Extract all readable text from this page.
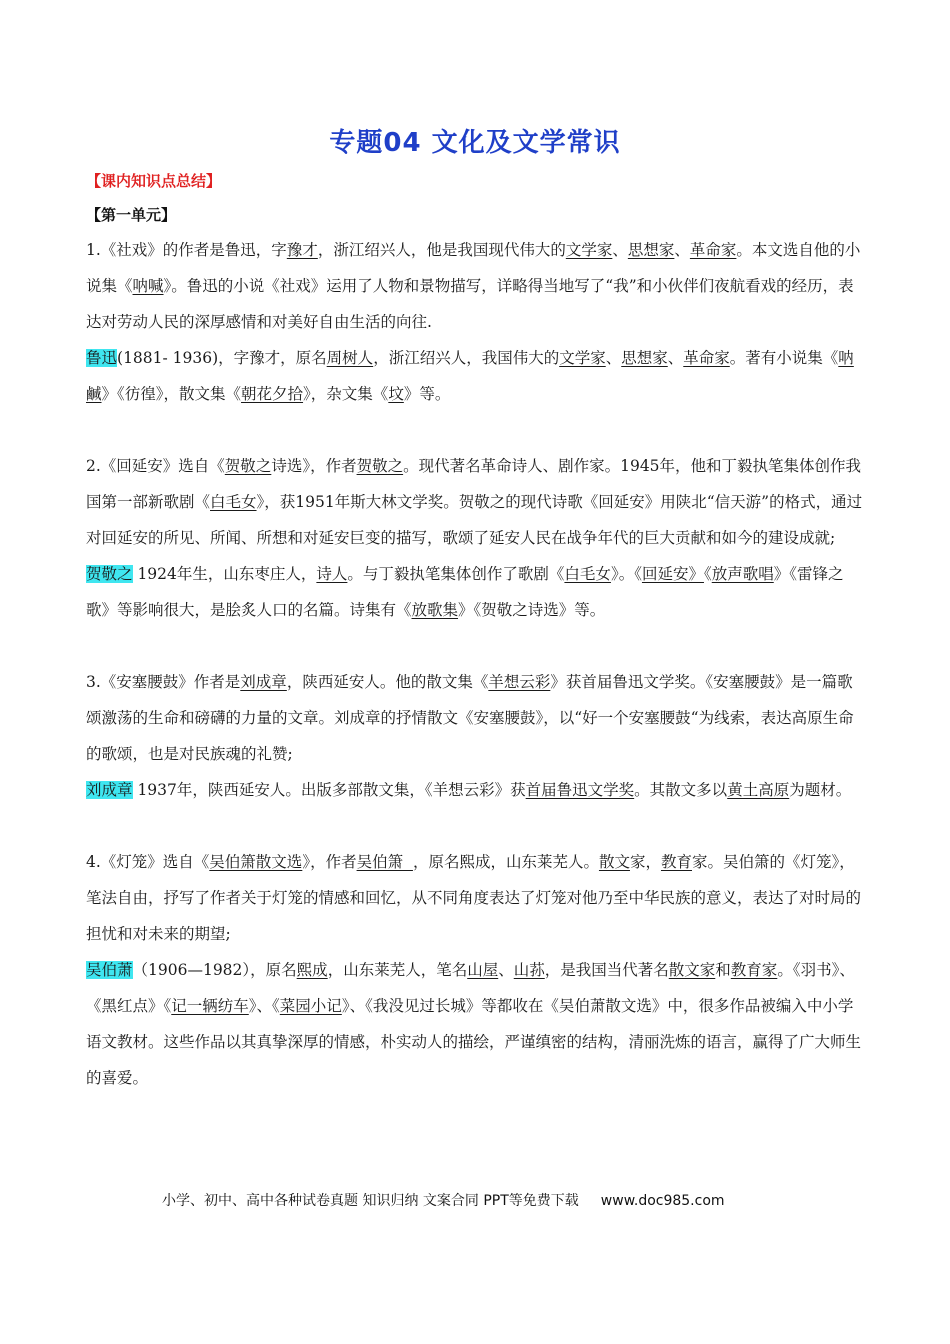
专题04 文化及文学常识
【课内知识点总结】
【第一单元】

1.《社戏》的作者是鲁迅，字豫才，浙江绍兴人，他是我国现代伟大的文学家、思想家、革命家。本文选自他的小说集《呐喊》。鲁迅的小说《社戏》运用了人物和景物描写，详略得当地写了“我”和小伙伴们夜航看戏的经历，表达对劳动人民的深厚感情和对美好自由生活的向往.

鲁迅(1881- 1936)，字豫才，原名周树人，浙江绍兴人，我国伟大的文学家、思想家、革命家。著有小说集《呐鹹》《彷徨》，散文集《朝花夕拾》，杂文集《坟》等。

2.《回延安》选自《贺敬之诗选》，作者贺敬之。现代著名革命诗人、剧作家。1945年，他和丁毅执笔集体创作我国第一部新歌剧《白毛女》，获1951年斯大林文学奖。贺敬之的现代诗歌《回延安》用陕北“信天游”的格式，通过对回延安的所见、所闻、所想和对延安巨变的描写，歌颂了延安人民在战争年代的巨大贡献和如今的建设成就;

贺敬之 1924年生，山东枣庄人，诗人。与丁毅执笔集体创作了歌剧《白毛女》。《回延安》《放声歌唱》《雷锋之歌》等影响很大，是脍炙人口的名篇。诗集有《放歌集》《贺敬之诗选》等。

3.《安塞腰鼓》作者是刘成章，陕西延安人。他的散文集《羊想云彩》获首届鲁迅文学奖。《安塞腰鼓》是一篇歌颂激荡的生命和磅礴的力量的文章。刘成章的抒情散文《安塞腰鼓》，以“好一个安塞腰鼓“为线索，表达高原生命的歌颂，也是对民族魂的礼赞;

刘成章 1937年，陕西延安人。出版多部散文集，《羊想云彩》获首届鲁迅文学奖。其散文多以黄土高原为题材。

4.《灯笼》选自《吴伯箫散文选》，作者吴伯箫  ，原名熙成，山东莱芜人。散文家，教育家。吴伯箫的《灯笼》，笔法自由，抒写了作者关于灯笼的情感和回忆，从不同角度表达了灯笼对他乃至中华民族的意义，表达了对时局的担忧和对未来的期望;

吴伯萧（1906—1982），原名熙成，山东莱芜人，笔名山屋、山荪，是我国当代著名散文家和教育家。《羽书》、《黑红点》《记一辆纺车》、《菜园小记》、《我没见过长城》等都收在《吴伯萧散文选》中，很多作品被编入中小学语文教材。这些作品以其真挚深厚的情感，朴实动人的描绘，严谨缜密的结构，清丽洗炼的语言，赢得了广大师生的喜爱。

小学、初中、高中各种试卷真题 知识归纳 文案合同 PPT等免费下载 www.doc985.com
